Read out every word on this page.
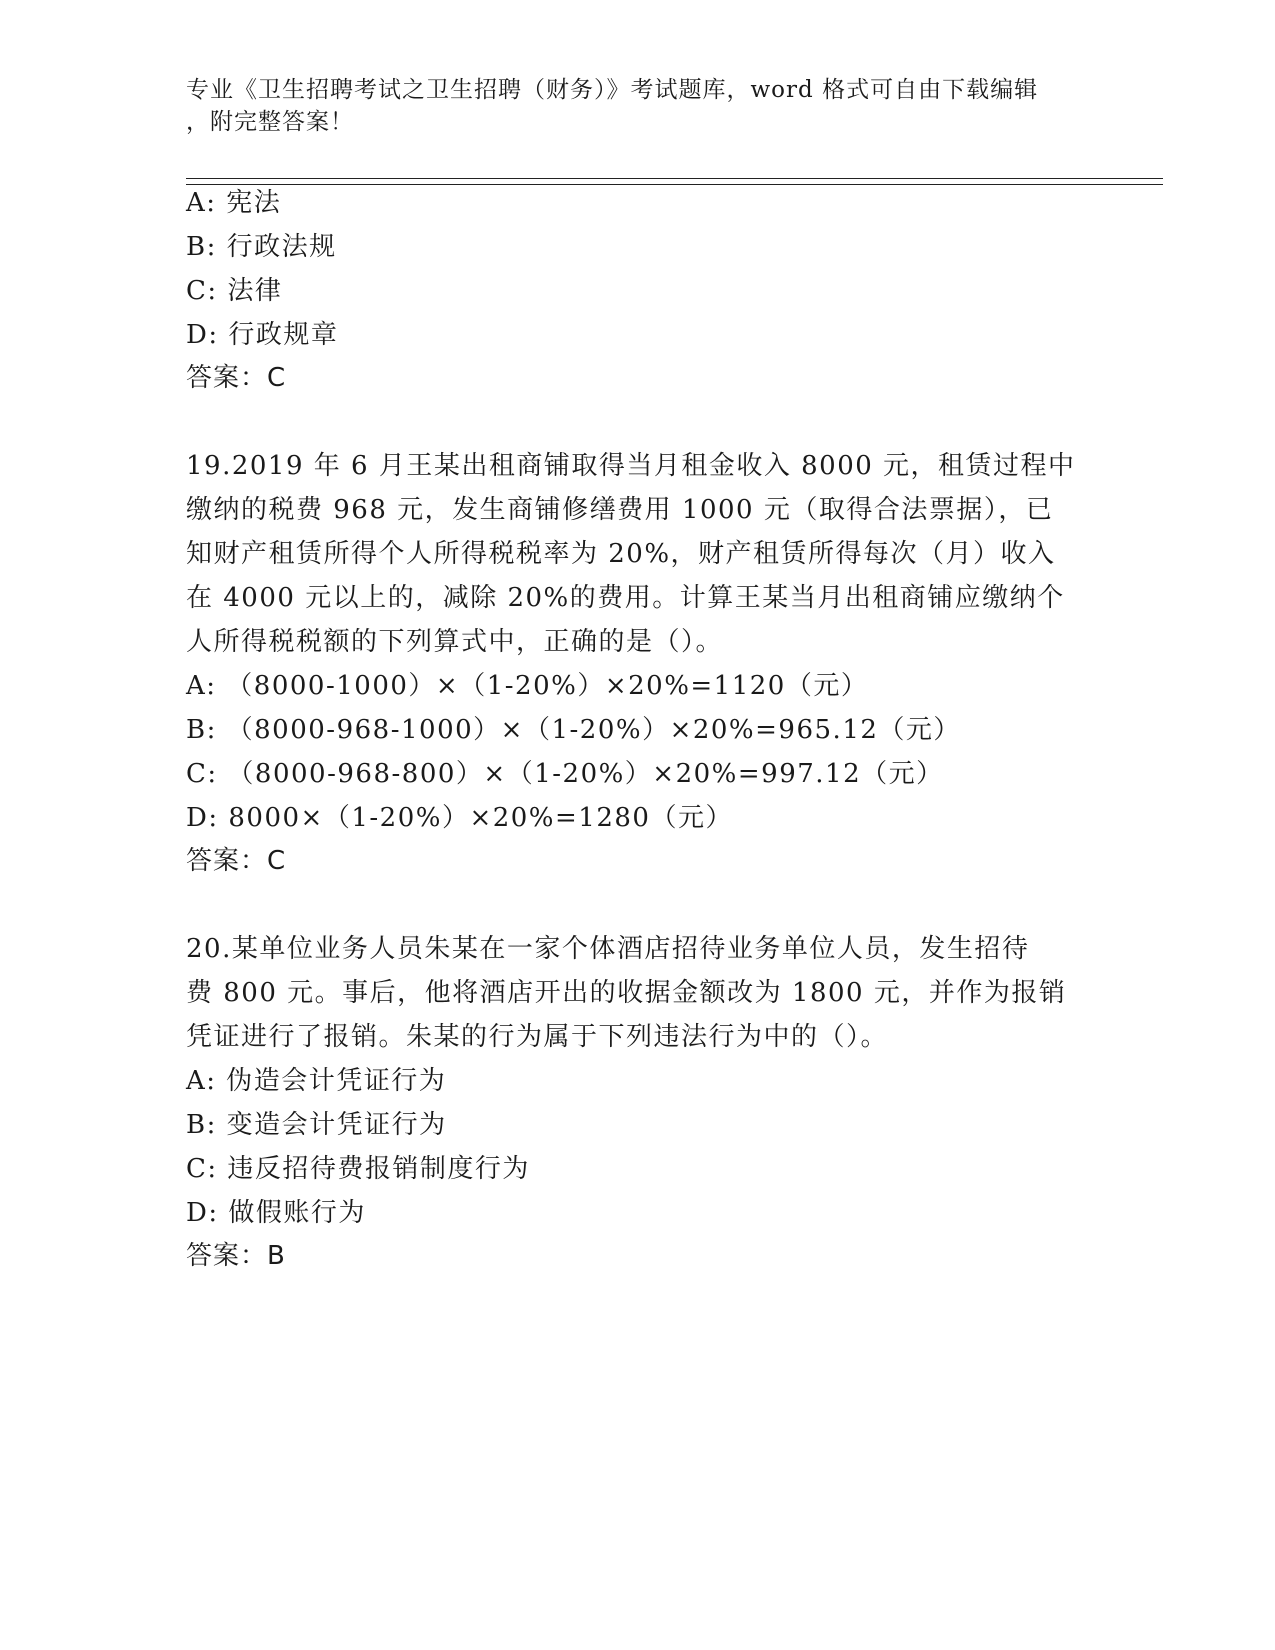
专业《卫生招聘考试之卫生招聘（财务）》考试题库，word 格式可自由下载编辑
，附完整答案！
A: 宪法
B: 行政法规
C: 法律
D: 行政规章
答案：C
19.2019 年 6 月王某出租商铺取得当月租金收入 8000 元，租赁过程中
缴纳的税费 968 元，发生商铺修缮费用 1000 元（取得合法票据），已
知财产租赁所得个人所得税税率为 20%，财产租赁所得每次（月）收入
在 4000 元以上的，减除 20%的费用。计算王某当月出租商铺应缴纳个
人所得税税额的下列算式中，正确的是（）。
A: （8000-1000）×（1-20%）×20%=1120（元）
B: （8000-968-1000）×（1-20%）×20%=965.12（元）
C: （8000-968-800）×（1-20%）×20%=997.12（元）
D: 8000×（1-20%）×20%=1280（元）
答案：C
20.某单位业务人员朱某在一家个体酒店招待业务单位人员，发生招待
费 800 元。事后，他将酒店开出的收据金额改为 1800 元，并作为报销
凭证进行了报销。朱某的行为属于下列违法行为中的（）。
A: 伪造会计凭证行为
B: 变造会计凭证行为
C: 违反招待费报销制度行为
D: 做假账行为
答案：B
